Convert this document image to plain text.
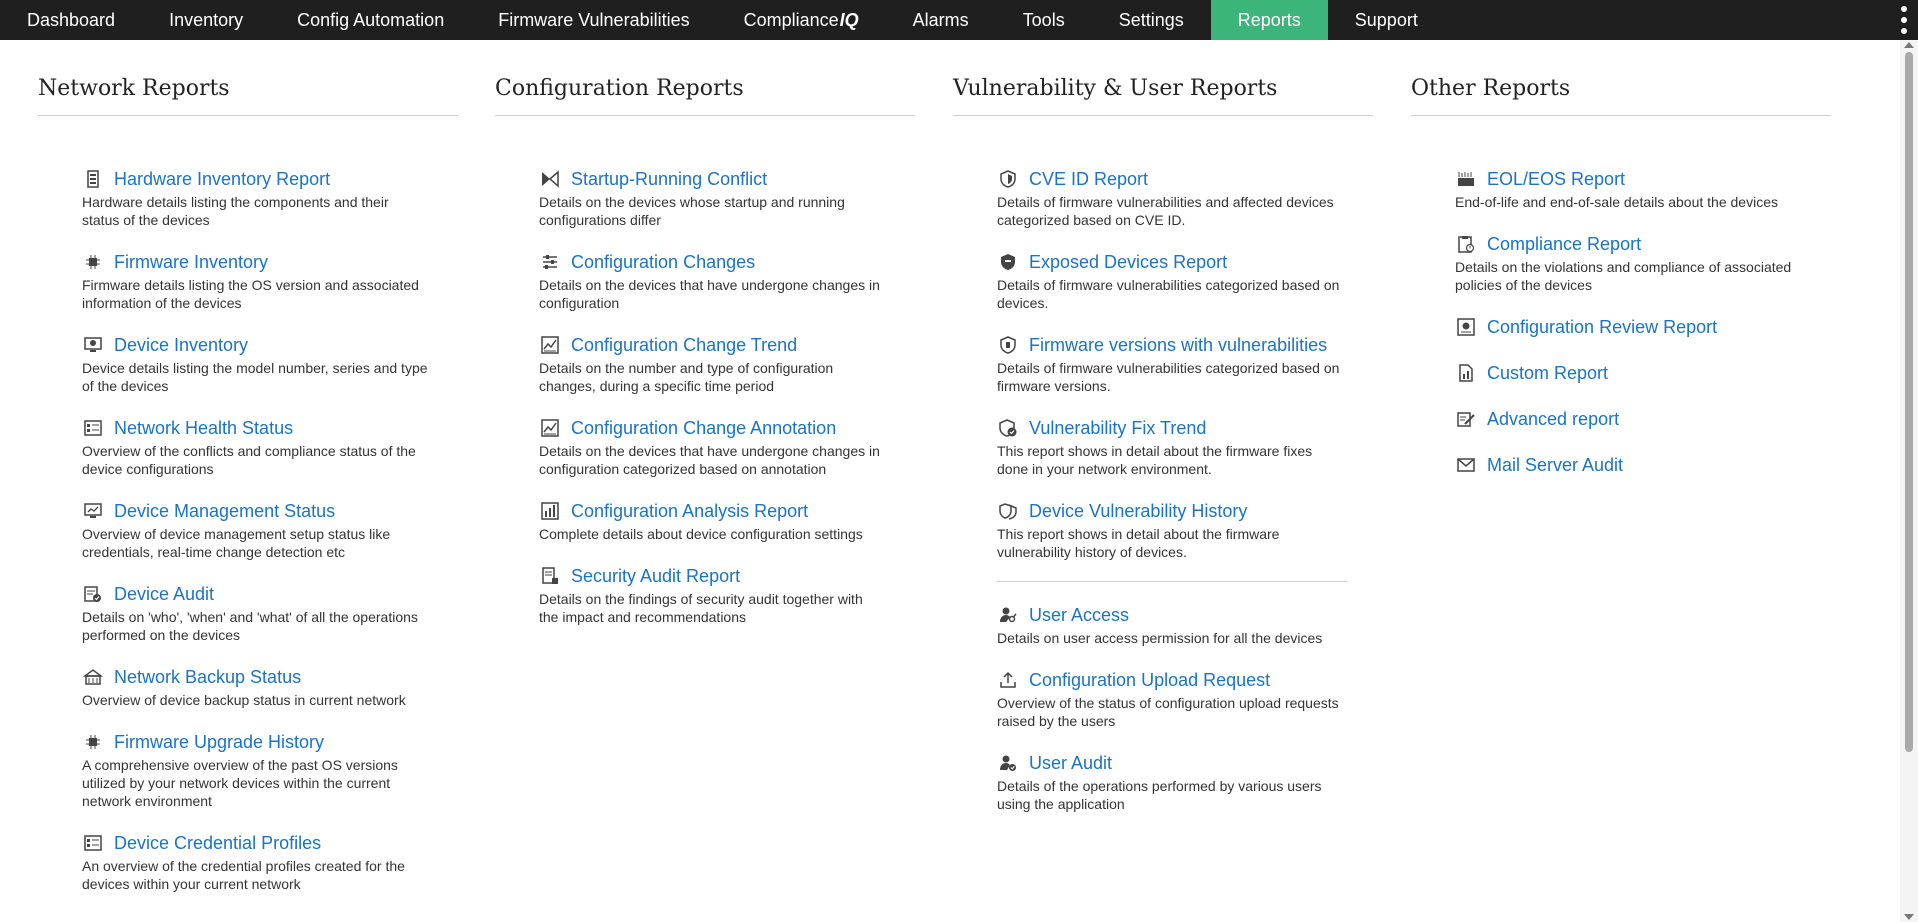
Dashboard	Inventory	Config Automation	Firmware Vulnerabilities	Compliance IQ	Alarms	Tools	Settings	Reports	Support
Network Reports
Hardware Inventory Report
Hardware details listing the components and their status of the devices
Firmware Inventory
Firmware details listing the OS version and associated information of the devices
Device Inventory
Device details listing the model number, series and type of the devices
Network Health Status
Overview of the conflicts and compliance status of the device configurations
Device Management Status
Overview of device management setup status like credentials, real-time change detection etc
Device Audit
Details on 'who', 'when' and 'what' of all the operations performed on the devices
Network Backup Status
Overview of device backup status in current network
Firmware Upgrade History
A comprehensive overview of the past OS versions utilized by your network devices within the current network environment
Device Credential Profiles
An overview of the credential profiles created for the devices within your current network
Configuration Reports
Startup-Running Conflict
Details on the devices whose startup and running configurations differ
Configuration Changes
Details on the devices that have undergone changes in configuration
Configuration Change Trend
Details on the number and type of configuration changes, during a specific time period
Configuration Change Annotation
Details on the devices that have undergone changes in configuration categorized based on annotation
Configuration Analysis Report
Complete details about device configuration settings
Security Audit Report
Details on the findings of security audit together with the impact and recommendations
Vulnerability & User Reports
CVE ID Report
Details of firmware vulnerabilities and affected devices categorized based on CVE ID.
Exposed Devices Report
Details of firmware vulnerabilities categorized based on devices.
Firmware versions with vulnerabilities
Details of firmware vulnerabilities categorized based on firmware versions.
Vulnerability Fix Trend
This report shows in detail about the firmware fixes done in your network environment.
Device Vulnerability History
This report shows in detail about the firmware vulnerability history of devices.
User Access
Details on user access permission for all the devices
Configuration Upload Request
Overview of the status of configuration upload requests raised by the users
User Audit
Details of the operations performed by various users using the application
Other Reports
EOL/EOS Report
End-of-life and end-of-sale details about the devices
Compliance Report
Details on the violations and compliance of associated policies of the devices
Configuration Review Report
Custom Report
Advanced report
Mail Server Audit
